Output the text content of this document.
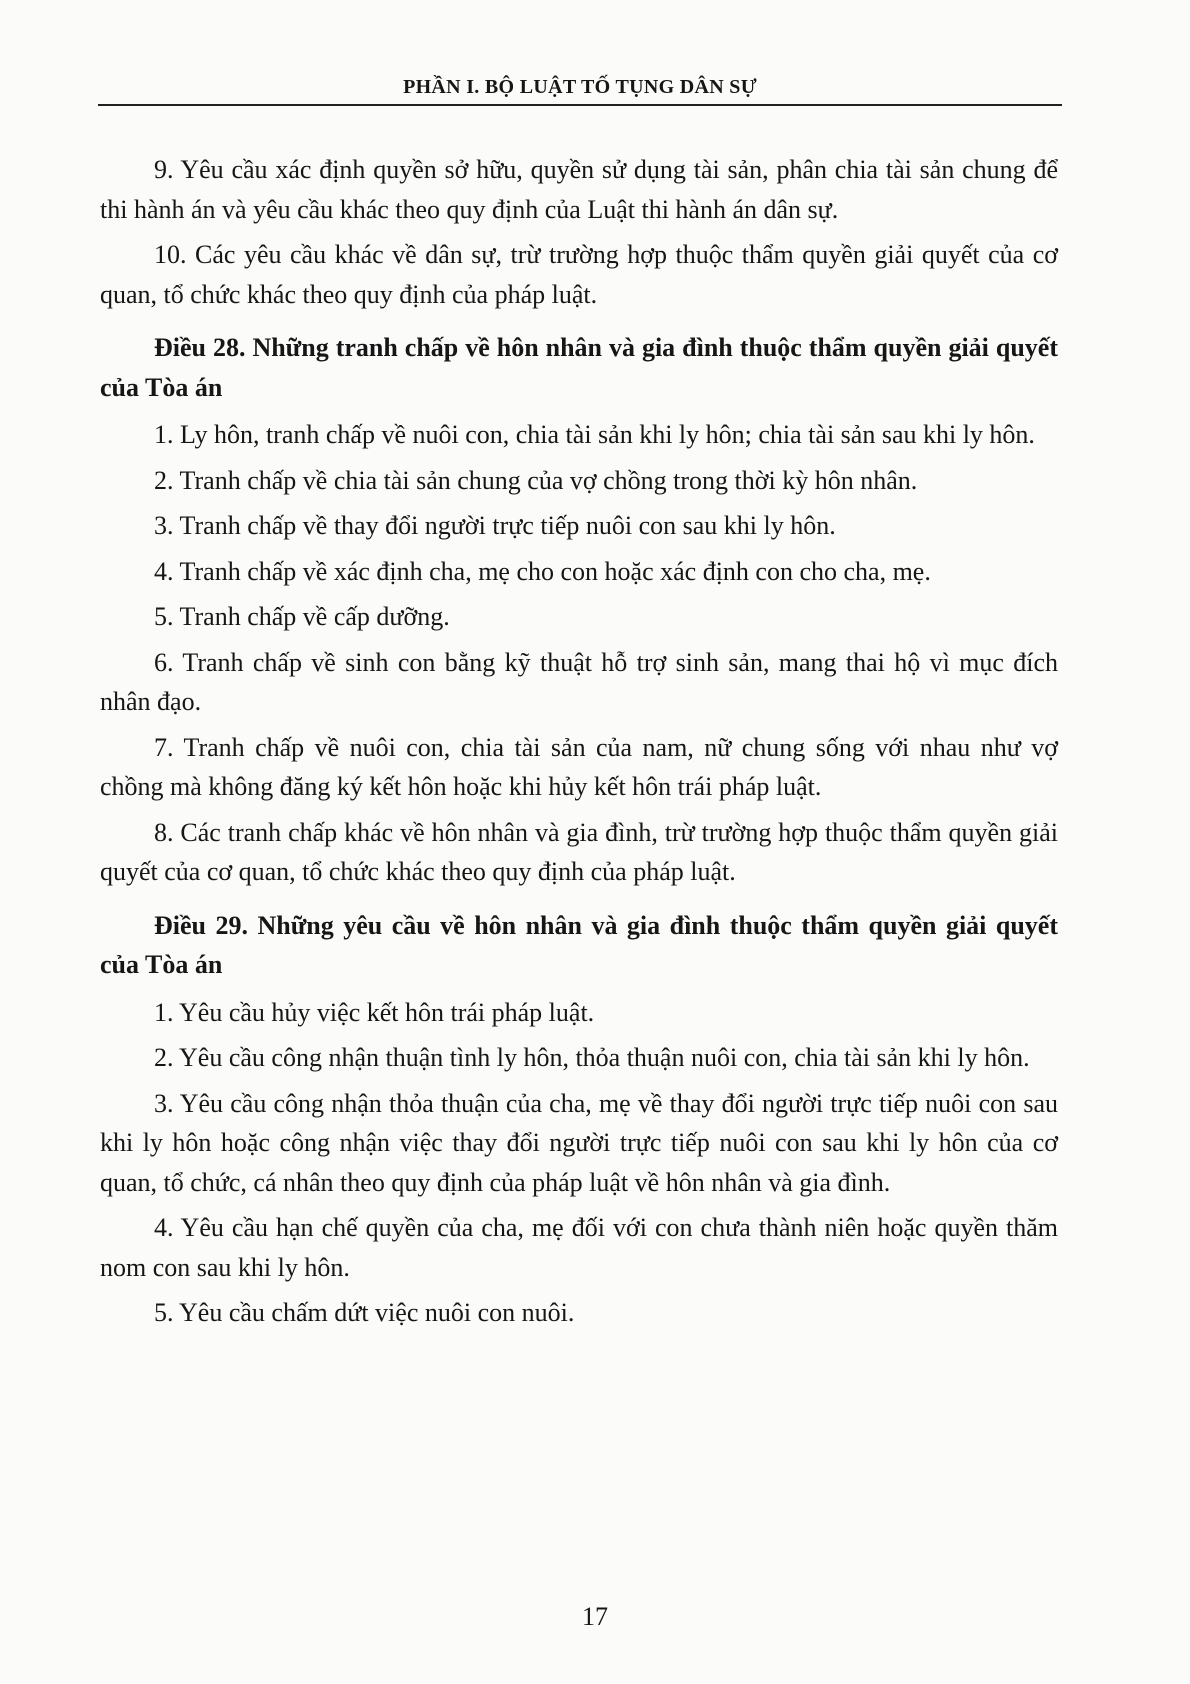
PHẦN I. BỘ LUẬT TỐ TỤNG DÂN SỰ

9. Yêu cầu xác định quyền sở hữu, quyền sử dụng tài sản, phân chia tài sản chung để thi hành án và yêu cầu khác theo quy định của Luật thi hành án dân sự.

10. Các yêu cầu khác về dân sự, trừ trường hợp thuộc thẩm quyền giải quyết của cơ quan, tổ chức khác theo quy định của pháp luật.

Điều 28. Những tranh chấp về hôn nhân và gia đình thuộc thẩm quyền giải quyết của Tòa án

1. Ly hôn, tranh chấp về nuôi con, chia tài sản khi ly hôn; chia tài sản sau khi ly hôn.

2. Tranh chấp về chia tài sản chung của vợ chồng trong thời kỳ hôn nhân.

3. Tranh chấp về thay đổi người trực tiếp nuôi con sau khi ly hôn.

4. Tranh chấp về xác định cha, mẹ cho con hoặc xác định con cho cha, mẹ.

5. Tranh chấp về cấp dưỡng.

6. Tranh chấp về sinh con bằng kỹ thuật hỗ trợ sinh sản, mang thai hộ vì mục đích nhân đạo.

7. Tranh chấp về nuôi con, chia tài sản của nam, nữ chung sống với nhau như vợ chồng mà không đăng ký kết hôn hoặc khi hủy kết hôn trái pháp luật.

8. Các tranh chấp khác về hôn nhân và gia đình, trừ trường hợp thuộc thẩm quyền giải quyết của cơ quan, tổ chức khác theo quy định của pháp luật.

Điều 29. Những yêu cầu về hôn nhân và gia đình thuộc thẩm quyền giải quyết của Tòa án

1. Yêu cầu hủy việc kết hôn trái pháp luật.

2. Yêu cầu công nhận thuận tình ly hôn, thỏa thuận nuôi con, chia tài sản khi ly hôn.

3. Yêu cầu công nhận thỏa thuận của cha, mẹ về thay đổi người trực tiếp nuôi con sau khi ly hôn hoặc công nhận việc thay đổi người trực tiếp nuôi con sau khi ly hôn của cơ quan, tổ chức, cá nhân theo quy định của pháp luật về hôn nhân và gia đình.

4. Yêu cầu hạn chế quyền của cha, mẹ đối với con chưa thành niên hoặc quyền thăm nom con sau khi ly hôn.

5. Yêu cầu chấm dứt việc nuôi con nuôi.

17
